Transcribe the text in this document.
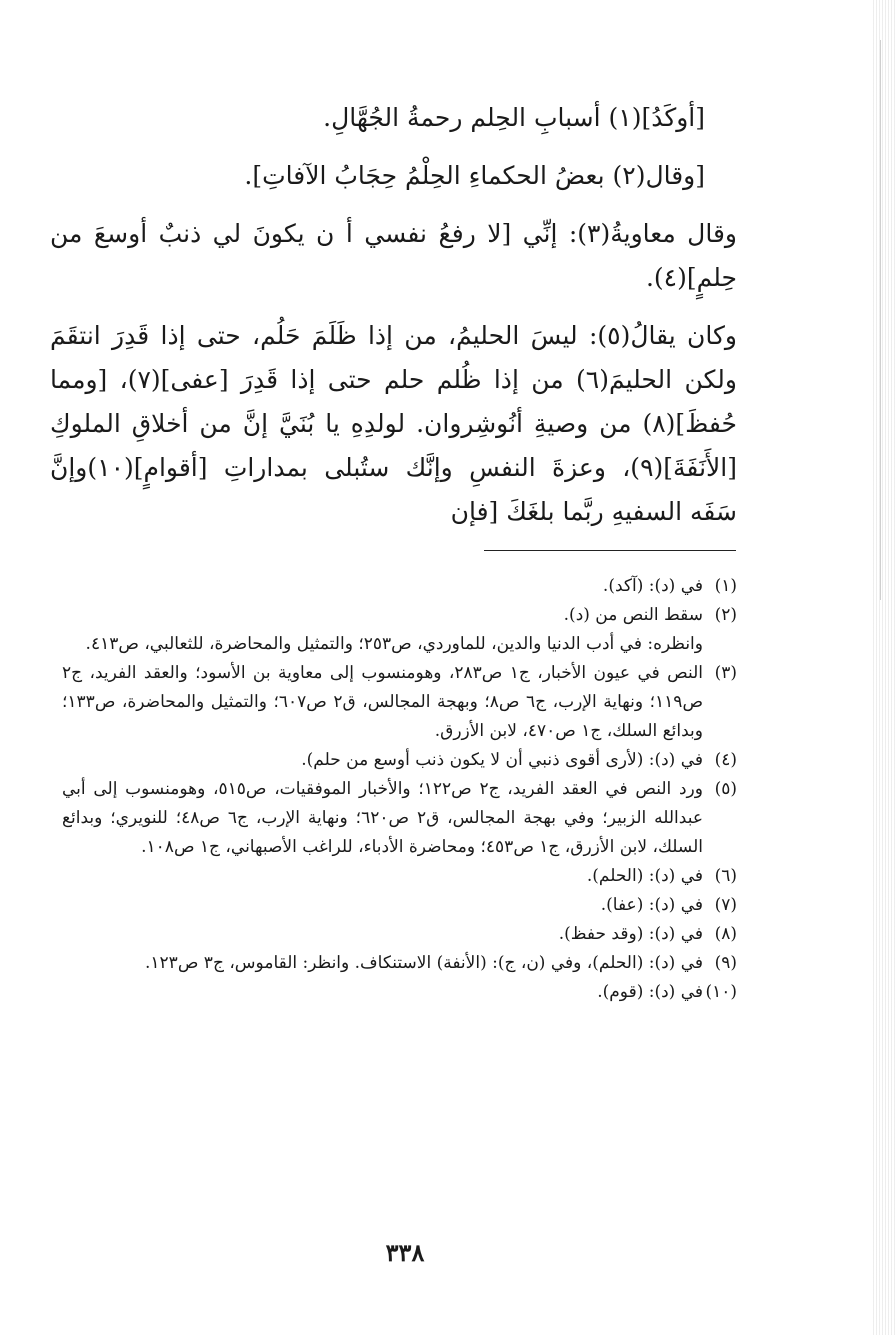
[أوكَدُ](١) أسبابِ الحِلم رحمةُ الجُهَّالِ.

[وقال(٢) بعضُ الحكماءِ الحِلْمُ حِجَابُ الآفاتِ].

وقال معاويةُ(٣): إنِّي [لا رفعُ نفسي أ ن يكونَ لي ذنبٌ أوسعَ من حِلمٍ](٤).

وكان يقالُ(٥): ليسَ الحليمُ، من إذا ظَلَمَ حَلُم، حتى إذا قَدِرَ انتقَمَ ولكن الحليمَ(٦) من إذا ظُلم حلم حتى إذا قَدِرَ [عفى](٧)، [ومما حُفظَ](٨) من وصيةِ أنُوشِروان. لولدِهِ يا بُنَيَّ إنَّ من أخلاقِ الملوكِ [الأَنَفَةَ](٩)، وعزةَ النفسِ وإنَّك ستُبلى بمداراتِ [أقوامٍ](١٠)وإنَّ سَفَه السفيهِ ربَّما بلغَكَ [فإن

(١)
في (د): (آكد).
(٢)
سقط النص من (د).
وانظره: في أدب الدنيا والدين، للماوردي، ص٢٥٣؛ والتمثيل والمحاضرة، للثعالبي، ص٤١٣.
(٣)
النص في عيون الأخبار، ج١ ص٢٨٣، وهومنسوب إلى معاوية بن الأسود؛ والعقد الفريد، ج٢ ص١١٩؛ ونهاية الإرب، ج٦ ص٨؛ وبهجة المجالس، ق٢ ص٦٠٧؛ والتمثيل والمحاضرة، ص١٣٣؛ وبدائع السلك، ج١ ص٤٧٠، لابن الأزرق.
(٤)
في (د): (لأرى أقوى ذنبي أن لا يكون ذنب أوسع من حلم).
(٥)
ورد النص في العقد الفريد، ج٢ ص١٢٢؛ والأخبار الموفقيات، ص٥١٥، وهومنسوب إلى أبي عبدالله الزبير؛ وفي بهجة المجالس، ق٢ ص٦٢٠؛ ونهاية الإرب، ج٦ ص٤٨؛ للنويري؛ وبدائع السلك، لابن الأزرق، ج١ ص٤٥٣؛ ومحاضرة الأدباء، للراغب الأصبهاني، ج١ ص١٠٨.
(٦)
في (د): (الحلم).
(٧)
في (د): (عفا).
(٨)
في (د): (وقد حفظ).
(٩)
في (د): (الحلم)، وفي (ن، ج): (الأنفة) الاستنكاف. وانظر: القاموس، ج٣ ص١٢٣.
(١٠)
في (د): (قوم).
٣٣٨
